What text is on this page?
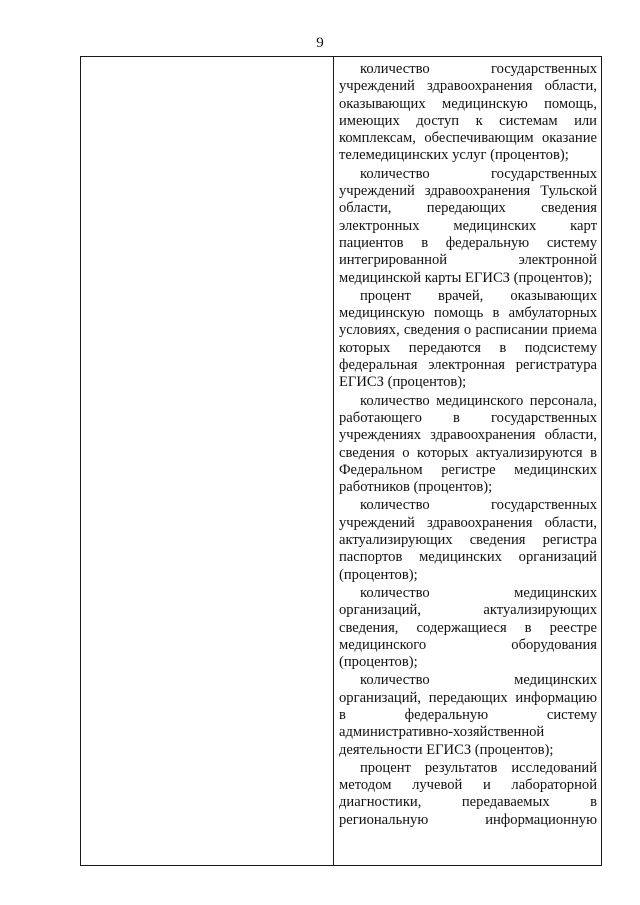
9

количество государственных учреждений здравоохранения области, оказывающих медицинскую помощь, имеющих доступ к системам или комплексам, обеспечивающим оказание телемедицинских услуг (процентов);

количество государственных учреждений здравоохранения Тульской области, передающих сведения электронных медицинских карт пациентов в федеральную систему интегрированной электронной медицинской карты ЕГИСЗ (процентов);

процент врачей, оказывающих медицинскую помощь в амбулаторных условиях, сведения о расписании приема которых передаются в подсистему федеральная электронная регистратура ЕГИСЗ (процентов);

количество медицинского персонала, работающего в государственных учреждениях здравоохранения области, сведения о которых актуализируются в Федеральном регистре медицинских работников (процентов);

количество государственных учреждений здравоохранения области, актуализирующих сведения регистра паспортов медицинских организаций (процентов);

количество медицинских организаций, актуализирующих сведения, содержащиеся в реестре медицинского оборудования (процентов);

количество медицинских организаций, передающих информацию в федеральную систему административно-хозяйственной деятельности ЕГИСЗ (процентов);

процент результатов исследований методом лучевой и лабораторной диагностики, передаваемых в региональную информационную
